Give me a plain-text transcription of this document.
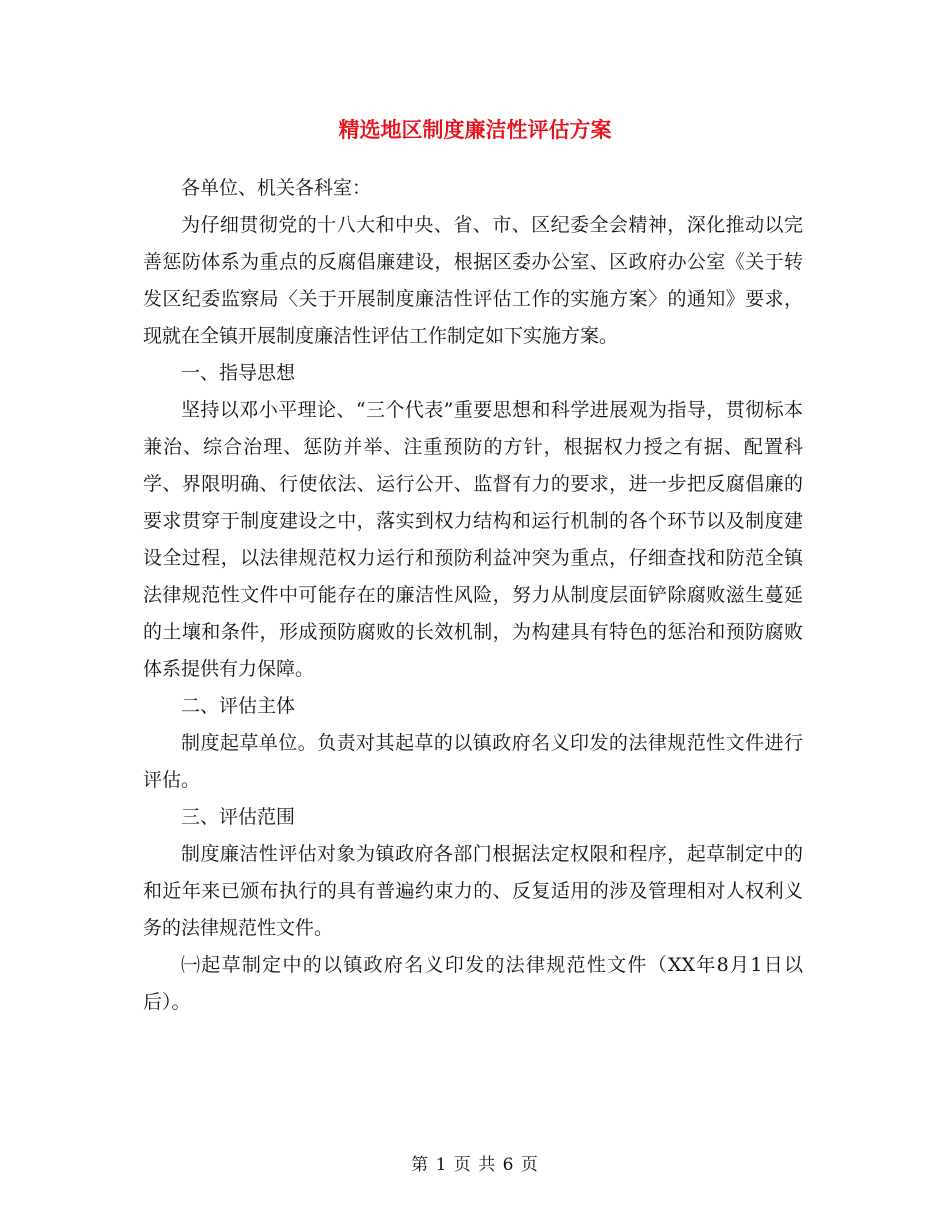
精选地区制度廉洁性评估方案

各单位、机关各科室：

为仔细贯彻党的十八大和中央、省、市、区纪委全会精神，深化推动以完善惩防体系为重点的反腐倡廉建设，根据区委办公室、区政府办公室《关于转发区纪委监察局〈关于开展制度廉洁性评估工作的实施方案〉的通知》要求，现就在全镇开展制度廉洁性评估工作制定如下实施方案。

一、指导思想

坚持以邓小平理论、“三个代表”重要思想和科学进展观为指导，贯彻标本兼治、综合治理、惩防并举、注重预防的方针，根据权力授之有据、配置科学、界限明确、行使依法、运行公开、监督有力的要求，进一步把反腐倡廉的要求贯穿于制度建设之中，落实到权力结构和运行机制的各个环节以及制度建设全过程，以法律规范权力运行和预防利益冲突为重点，仔细查找和防范全镇法律规范性文件中可能存在的廉洁性风险，努力从制度层面铲除腐败滋生蔓延的土壤和条件，形成预防腐败的长效机制，为构建具有特色的惩治和预防腐败体系提供有力保障。

二、评估主体

制度起草单位。负责对其起草的以镇政府名义印发的法律规范性文件进行评估。

三、评估范围

制度廉洁性评估对象为镇政府各部门根据法定权限和程序，起草制定中的和近年来已颁布执行的具有普遍约束力的、反复适用的涉及管理相对人权利义务的法律规范性文件。

㈠起草制定中的以镇政府名义印发的法律规范性文件（XX年8月1日以后）。

第 1 页 共 6 页
